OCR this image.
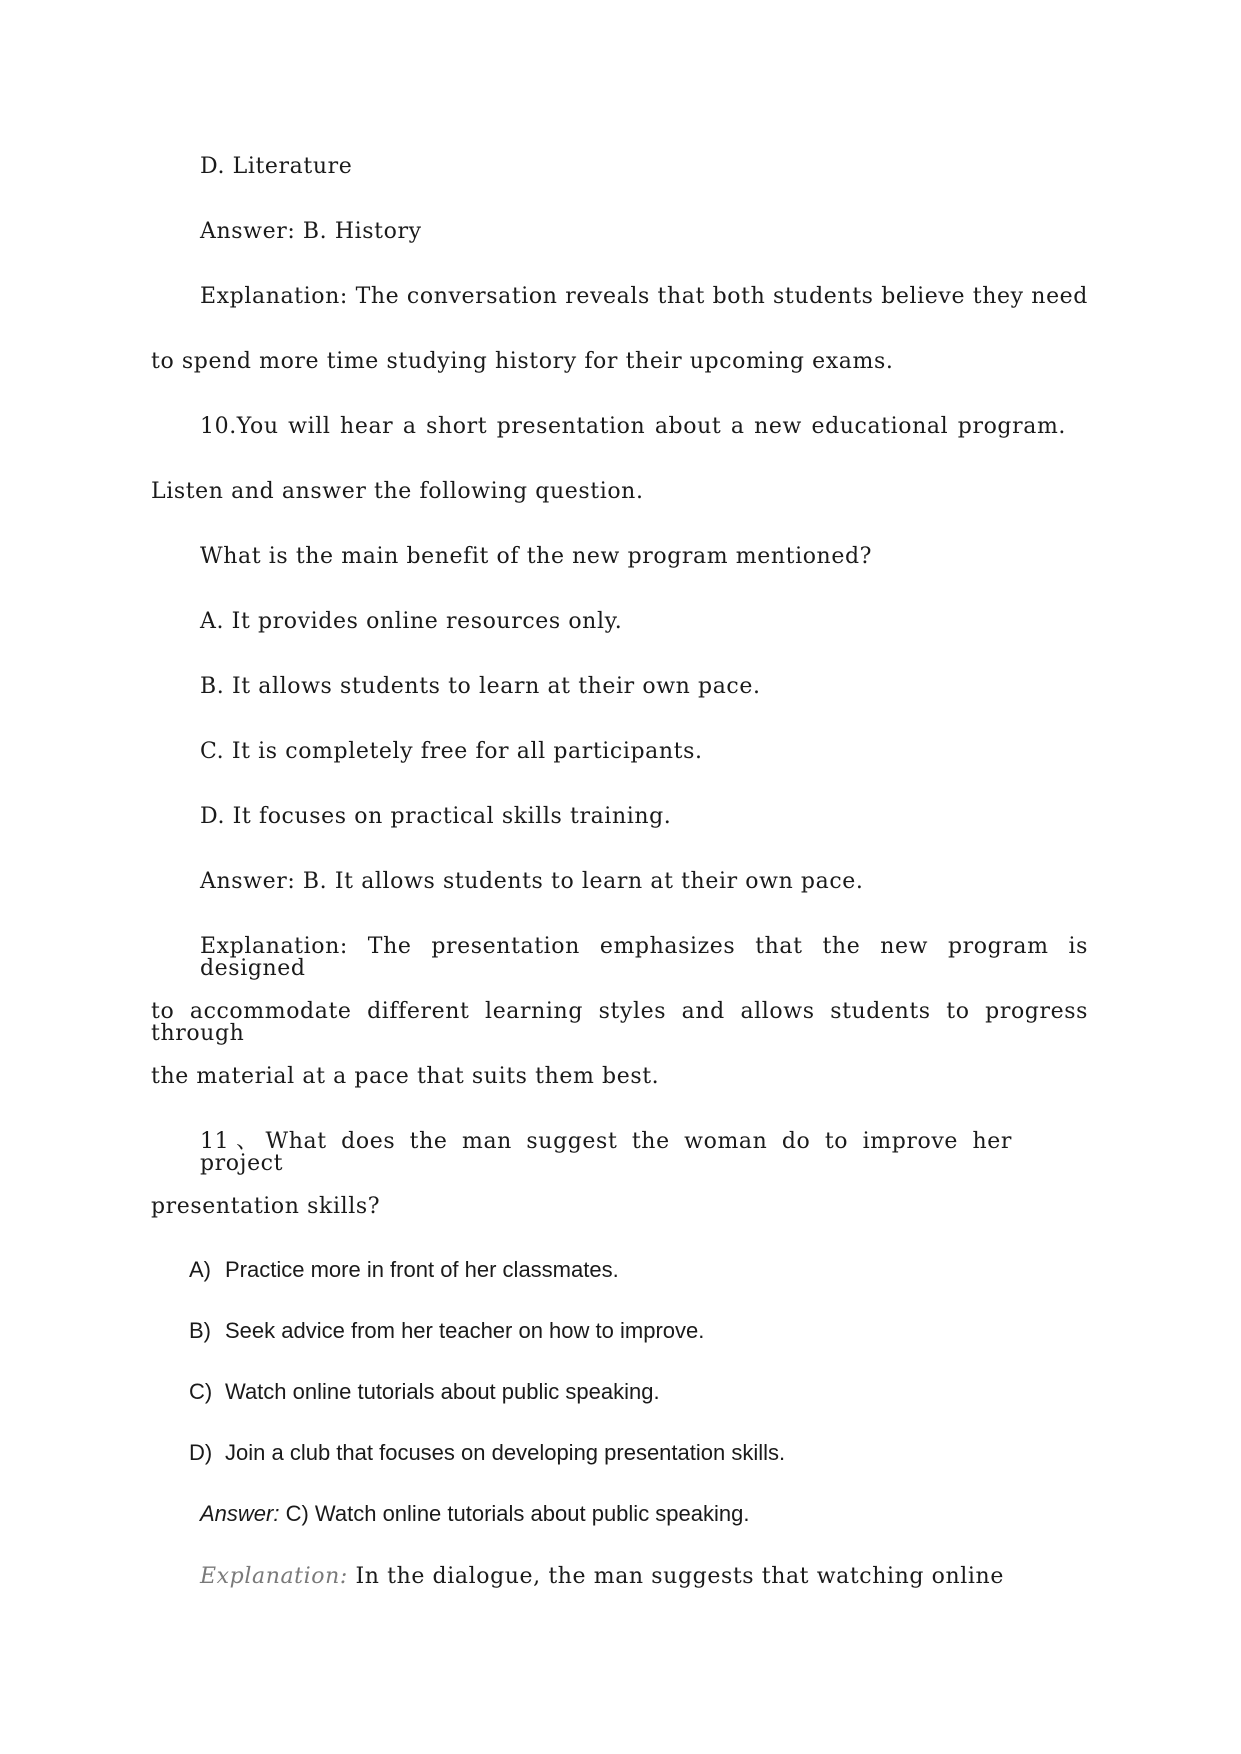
D. Literature

Answer: B. History

Explanation: The conversation reveals that both students believe they need

to spend more time studying history for their upcoming exams.

10.You will hear a short presentation about a new educational program.

Listen and answer the following question.

What is the main benefit of the new program mentioned?

A. It provides online resources only.

B. It allows students to learn at their own pace.

C. It is completely free for all participants.

D. It focuses on practical skills training.

Answer: B. It allows students to learn at their own pace.

Explanation: The presentation emphasizes that the new program is designed

to accommodate different learning styles and allows students to progress through

the material at a pace that suits them best.

11、What does the man suggest the woman do to improve her project

presentation skills?

A) Practice more in front of her classmates.
B) Seek advice from her teacher on how to improve.
C) Watch online tutorials about public speaking.
D) Join a club that focuses on developing presentation skills.

Answer: C) Watch online tutorials about public speaking.

Explanation: In the dialogue, the man suggests that watching online
